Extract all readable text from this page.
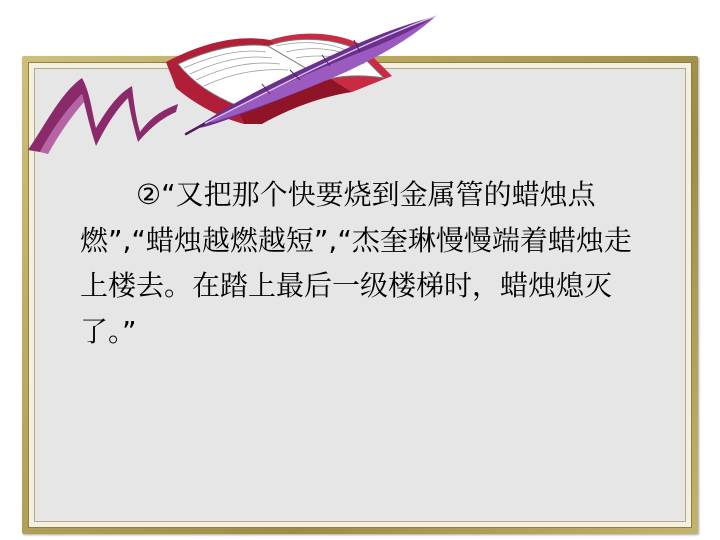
②“又把那个快要烧到金属管的蜡烛点燃”,“蜡烛越燃越短”,“杰奎琳慢慢端着蜡烛走上楼去。在踏上最后一级楼梯时，蜡烛熄灭了。”
